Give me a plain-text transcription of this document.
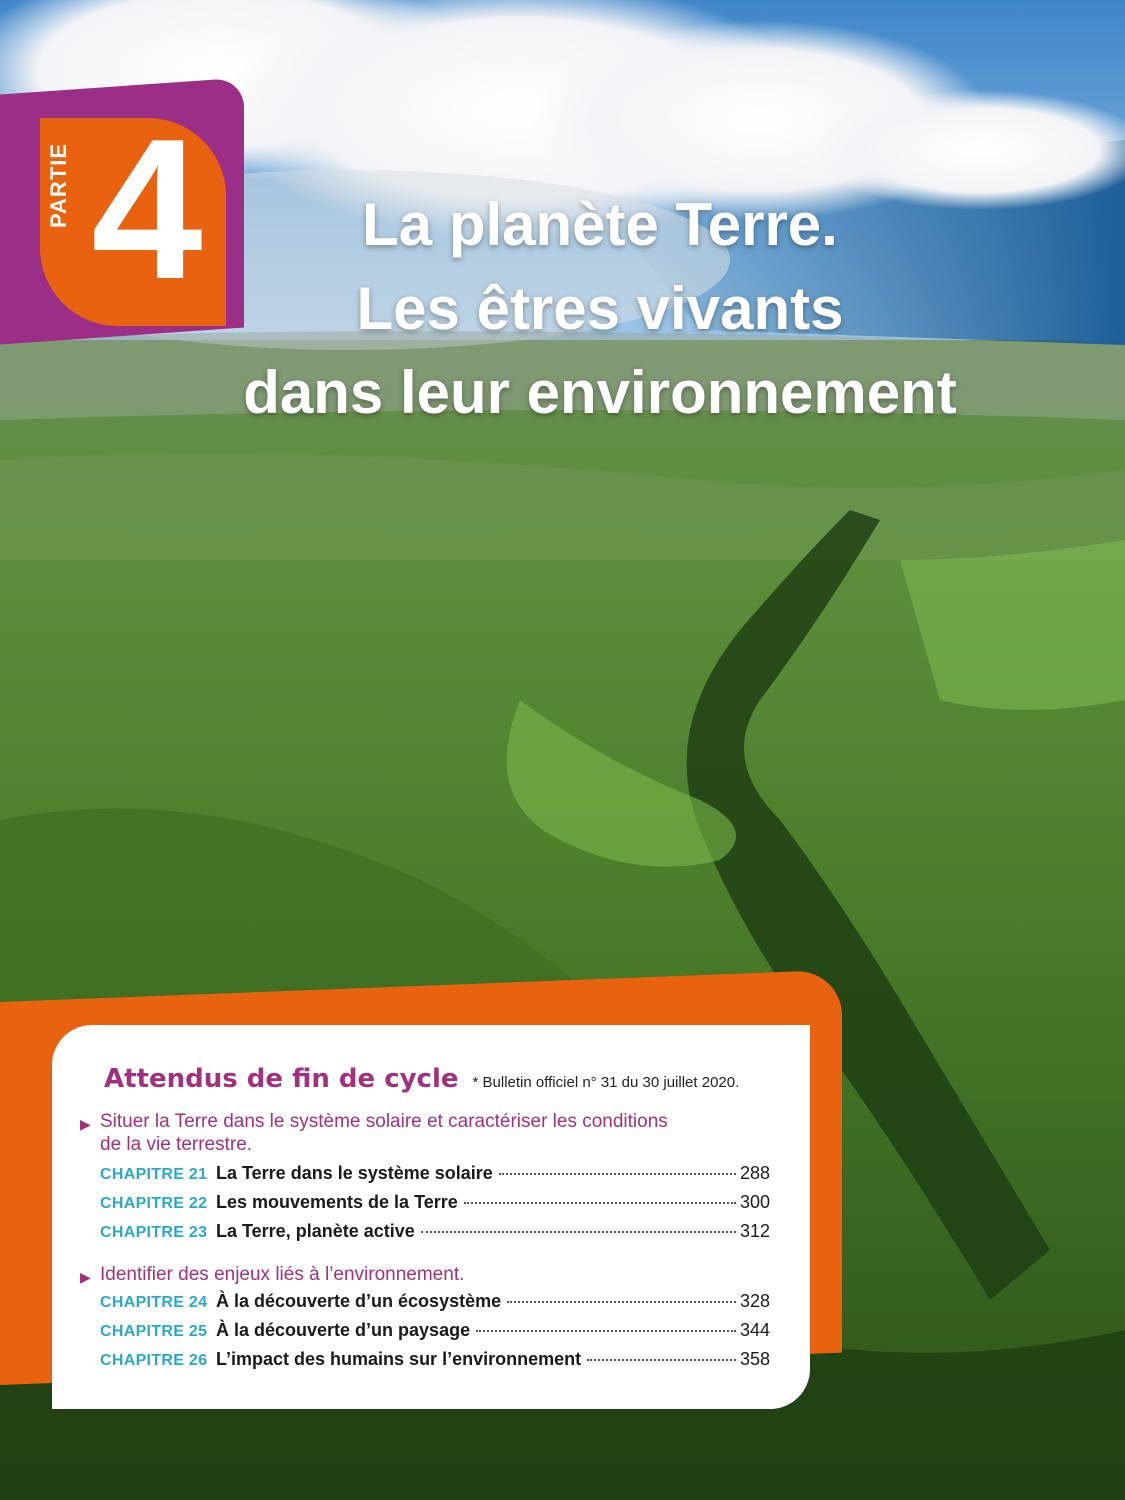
PARTIE 4	La planète Terre.
Les êtres vivants
dans leur environnement
Attendus de fin de cycle * Bulletin officiel n° 31 du 30 juillet 2020.
▶ Situer la Terre dans le système solaire et caractériser les conditions de la vie terrestre.
CHAPITRE 21 La Terre dans le système solaire	288
CHAPITRE 22 Les mouvements de la Terre	300
CHAPITRE 23 La Terre, planète active	312
▶ Identifier des enjeux liés à l’environnement.
CHAPITRE 24 À la découverte d’un écosystème	328
CHAPITRE 25 À la découverte d’un paysage	344
CHAPITRE 26 L’impact des humains sur l’environnement	358
